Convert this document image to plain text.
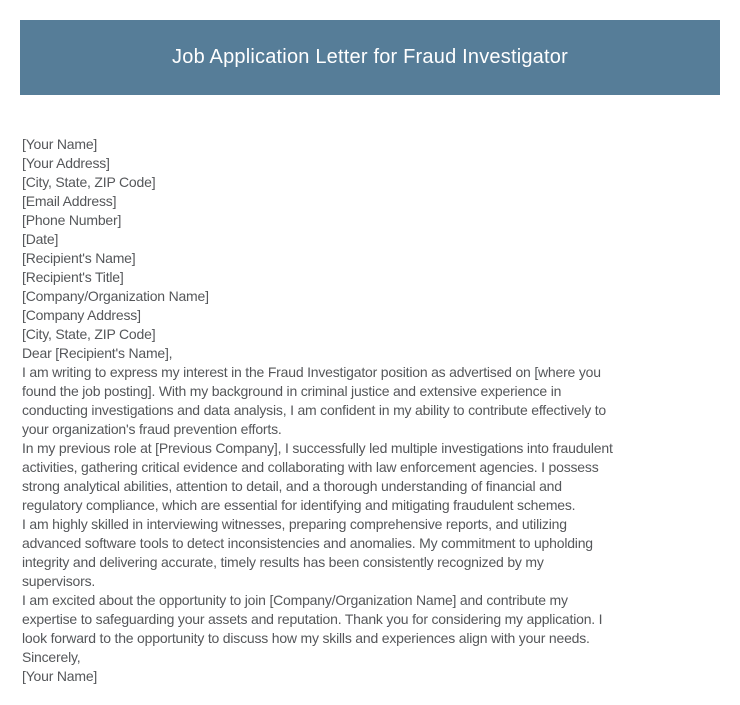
Job Application Letter for Fraud Investigator
[Your Name]
[Your Address]
[City, State, ZIP Code]
[Email Address]
[Phone Number]
[Date]
[Recipient's Name]
[Recipient's Title]
[Company/Organization Name]
[Company Address]
[City, State, ZIP Code]
Dear [Recipient's Name],
I am writing to express my interest in the Fraud Investigator position as advertised on [where you
found the job posting]. With my background in criminal justice and extensive experience in
conducting investigations and data analysis, I am confident in my ability to contribute effectively to
your organization's fraud prevention efforts.
In my previous role at [Previous Company], I successfully led multiple investigations into fraudulent
activities, gathering critical evidence and collaborating with law enforcement agencies. I possess
strong analytical abilities, attention to detail, and a thorough understanding of financial and
regulatory compliance, which are essential for identifying and mitigating fraudulent schemes.
I am highly skilled in interviewing witnesses, preparing comprehensive reports, and utilizing
advanced software tools to detect inconsistencies and anomalies. My commitment to upholding
integrity and delivering accurate, timely results has been consistently recognized by my
supervisors.
I am excited about the opportunity to join [Company/Organization Name] and contribute my
expertise to safeguarding your assets and reputation. Thank you for considering my application. I
look forward to the opportunity to discuss how my skills and experiences align with your needs.
Sincerely,
[Your Name]
